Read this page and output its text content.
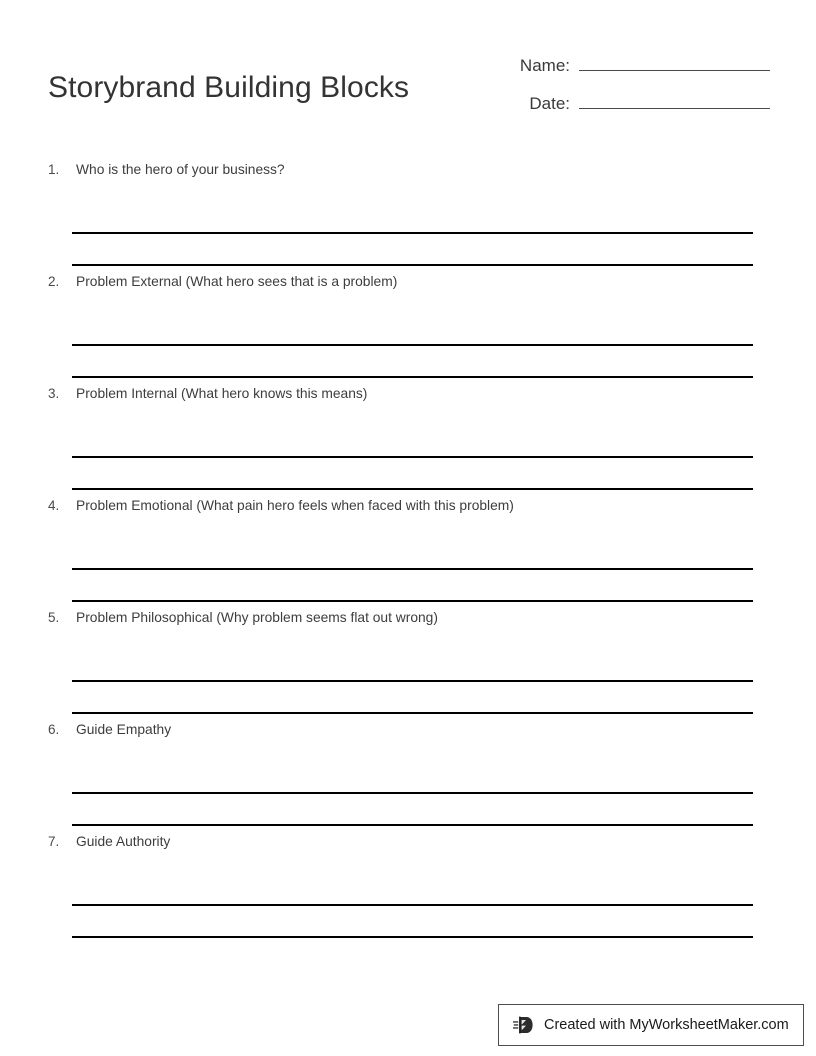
Storybrand Building Blocks
Name:
Date:
1.	Who is the hero of your business?
2.	Problem External (What hero sees that is a problem)
3.	Problem Internal (What hero knows this means)
4.	Problem Emotional (What pain hero feels when faced with this problem)
5.	Problem Philosophical (Why problem seems flat out wrong)
6.	Guide Empathy
7.	Guide Authority
Created with MyWorksheetMaker.com
